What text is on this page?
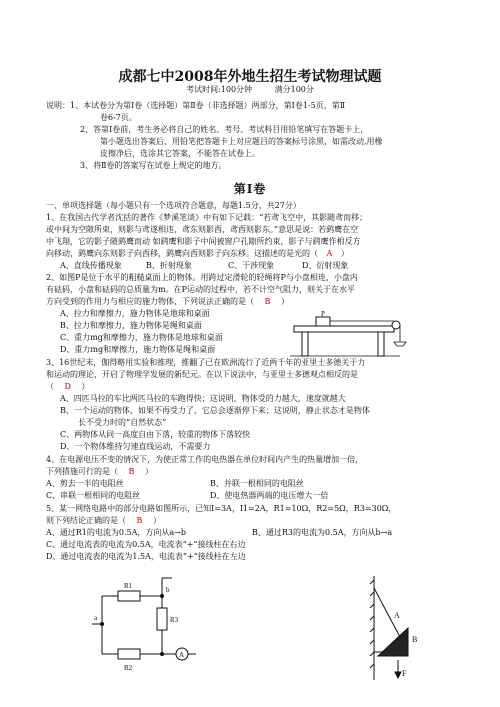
成都七中2008年外地生招生考试物理试题
考试时间:100分钟	满分100分
说明：1、本试卷分为第Ⅰ卷（选择题）第Ⅱ卷（非选择题）两部分，第Ⅰ卷1-5页，第Ⅱ
卷6-7页。
2、答第Ⅰ卷前，考生务必将自己的姓名、考号、考试科目用铅笔填写在答题卡上，
第小题选出答案后，用铅笔把答题卡上对应题目的答案标号涂黑，如需改动,用橡
皮擦净后，选涂其它答案，不能答在试卷上。
3、将Ⅱ卷的答案写在试卷上规定的地方。
第Ⅰ卷
一、单项选择题（每小题只有一个选项符合题意，每题1.5分，共27分）
1、在我国古代学者沈括的著作《梦溪笔谈》中有如下记载：“若鸢飞空中，其影随鸢而移；
或中间为空隙所束，则影与鸢遂相违，鸢东则影西，鸢西则影东。”意思是说：若鹞鹰在空
中飞翔，它的影子随鹞鹰而动 如鹞鹰和影子中间被窗户孔隙所约束，影子与鹞鹰作相反方
向移动，鹞鹰向东则影子向西移，鹞鹰向西则影子向东移。这描述的是光的（ A ）
A、直线传播现象	B、折射现象	C、干涉现象	D、衍射现象
2、如图P是位于水平的粗糙桌面上的物体。用跨过定滑轮的轻绳将P与小盘相连，小盘内
有砝码，小盘和砝码的总质量为m。在P运动的过程中，若不计空气阻力，则关于在水平
方向受到的作用力与相应的施力物体，下列说法正确的是（ B ）
A、拉力和摩擦力，施力物体是地球和桌面
B、拉力和摩擦力，施力物体是绳和桌面
C、重力mg和摩擦力，施力物体是地球和桌面
D、重力mg和摩擦力，施力物体是绳和桌面
P
3、16世纪末，伽得略用实验和推理，推翻了已在欧洲流行了近两千年的亚里士多德关于力
和运动的理论，开启了物理学发展的新纪元。在以下说法中，与亚里士多德观点相反的是
（ D ）
A、四匹马拉的车比两匹马拉的车跑得快；这说明，物体受的力越大，速度就越大
B、一个运动的物体，如果不再受力了，它总会逐渐停下来；这说明，静止状态才是物体
长不受力时的“自然状态”
C、两物体从同一高度自由下落，较重的物体下落较快
D、一个物体维持匀速直线运动，不需要力
4、在电源电压不变的情况下，为使正常工作的电热器在单位时间内产生的热量增加一倍，
下列措施可行的是（ B ）
A、剪去一半的电阻丝	B、并联一根相同的电阻丝
C、串联一根相同的电阻丝	D、使电热器两端的电压增大一倍
5、某一网络电路中的部分电路如图所示，已知I=3A，I1=2A，R1=10Ω，R2=5Ω，R3=30Ω，
则下列结论正确的是（ B ）
A、通过R1的电流为0.5A，方向从a→b	B、通过R3的电流为0.5A，方向从b→a
C、通过电流表的电流为0.5A，电流表“+”接线柱在右边
D、通过电流表的电流为1.5A，电流表“+”接线柱在左边
R1
R2
R3
a
b
A
A
B
F
